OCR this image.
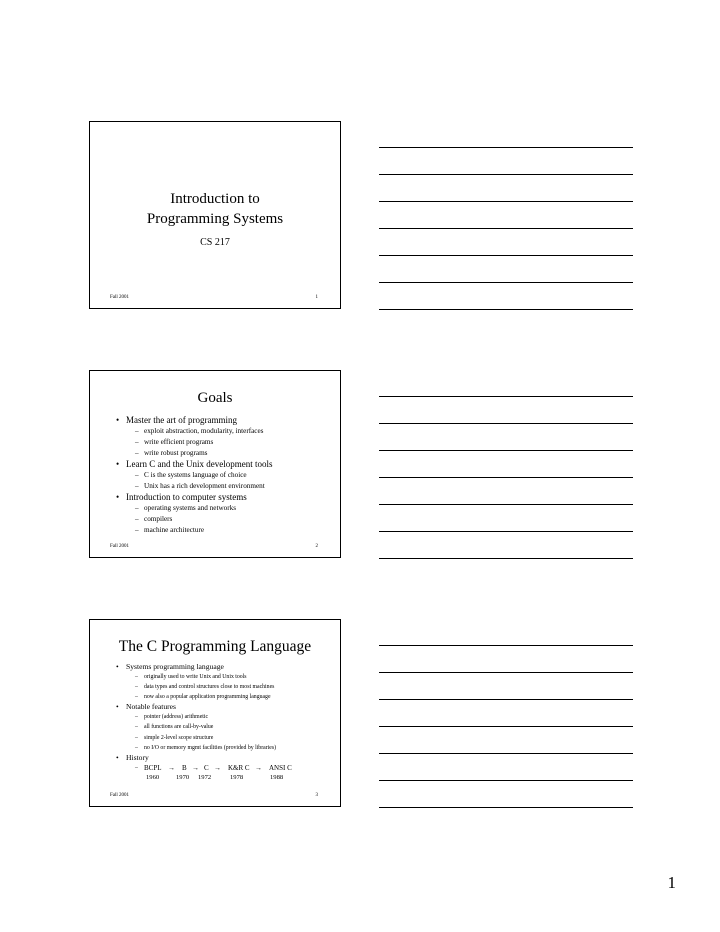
Introduction to
Programming Systems
CS 217
Fall 2001	1
Goals
• Master the art of programming
– exploit abstraction, modularity, interfaces
– write efficient programs
– write robust programs
• Learn C and the Unix development tools
– C is the systems language of choice
– Unix has a rich development environment
• Introduction to computer systems
– operating systems and networks
– compilers
– machine architecture
Fall 2001	2
The C Programming Language
• Systems programming language
– originally used to write Unix and Unix tools
– data types and control structures close to most machines
– now also a popular application programming language
• Notable features
– pointer (address) arithmetic
– all functions are call-by-value
– simple 2-level scope structure
– no I/O or memory mgmt facilities (provided by libraries)
• History
– BCPL → B → C → K&R C → ANSI C
1960	1970 1972	1978	1988
Fall 2001	3
1
